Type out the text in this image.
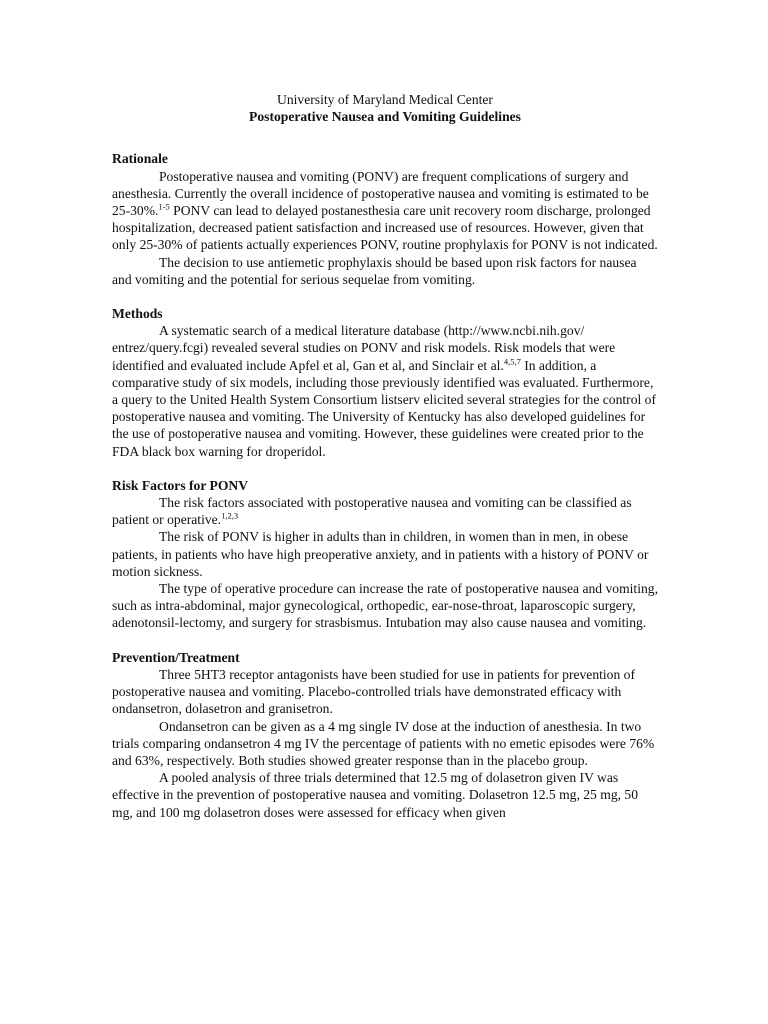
University of Maryland Medical Center

Postoperative Nausea and Vomiting Guidelines

Rationale

Postoperative nausea and vomiting (PONV) are frequent complications of surgery and anesthesia. Currently the overall incidence of postoperative nausea and vomiting is estimated to be 25-30%.$^{1-5}$ PONV can lead to delayed postanesthesia care unit recovery room discharge, prolonged hospitalization, decreased patient satisfaction and increased use of resources. However, given that only 25-30% of patients actually experiences PONV, routine prophylaxis for PONV is not indicated.

The decision to use antiemetic prophylaxis should be based upon risk factors for nausea and vomiting and the potential for serious sequelae from vomiting.

Methods

A systematic search of a medical literature database (http://www.ncbi.nih.gov/ entrez/query.fcgi) revealed several studies on PONV and risk models. Risk models that were identified and evaluated include Apfel et al, Gan et al, and Sinclair et al.$^{4,5,7}$ In addition, a comparative study of six models, including those previously identified was evaluated. Furthermore, a query to the United Health System Consortium listserv elicited several strategies for the control of postoperative nausea and vomiting. The University of Kentucky has also developed guidelines for the use of postoperative nausea and vomiting. However, these guidelines were created prior to the FDA black box warning for droperidol.

Risk Factors for PONV

The risk factors associated with postoperative nausea and vomiting can be classified as patient or operative.$^{1,2,3}$

The risk of PONV is higher in adults than in children, in women than in men, in obese patients, in patients who have high preoperative anxiety, and in patients with a history of PONV or motion sickness.

The type of operative procedure can increase the rate of postoperative nausea and vomiting, such as intra-abdominal, major gynecological, orthopedic, ear-nose-throat, laparoscopic surgery, adenotonsil-lectomy, and surgery for strasbismus. Intubation may also cause nausea and vomiting.

Prevention/Treatment

Three 5HT3 receptor antagonists have been studied for use in patients for prevention of postoperative nausea and vomiting. Placebo-controlled trials have demonstrated efficacy with ondansetron, dolasetron and granisetron.

Ondansetron can be given as a 4 mg single IV dose at the induction of anesthesia. In two trials comparing ondansetron 4 mg IV the percentage of patients with no emetic episodes were 76% and 63%, respectively. Both studies showed greater response than in the placebo group.

A pooled analysis of three trials determined that 12.5 mg of dolasetron given IV was effective in the prevention of postoperative nausea and vomiting. Dolasetron 12.5 mg, 25 mg, 50 mg, and 100 mg dolasetron doses were assessed for efficacy when given
